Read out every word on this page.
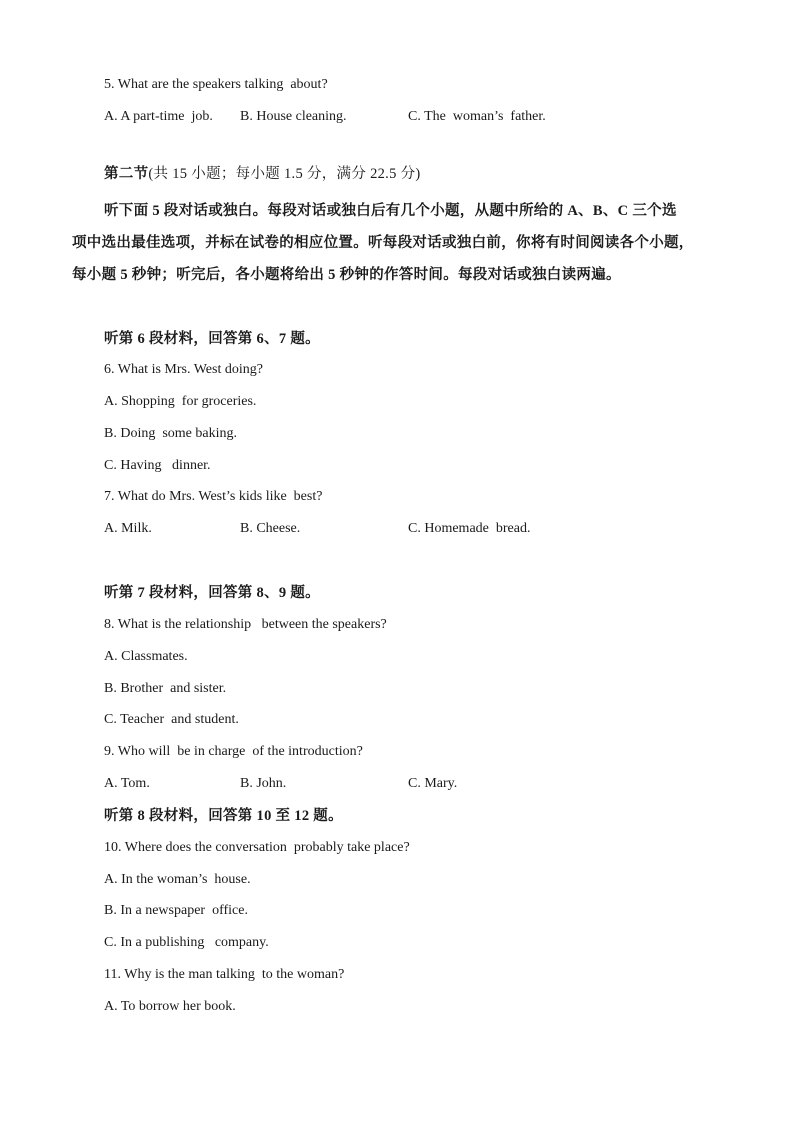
5. What are the speakers talking  about?
A. A part-time  job. B. House cleaning.	C. The  woman’s  father.
第二节(共 15 小题；每小题 1.5 分，满分 22.5 分)
听下面 5 段对话或独白。每段对话或独白后有几个小题，从题中所给的 A、B、C 三个选
项中选出最佳选项，并标在试卷的相应位置。听每段对话或独白前，你将有时间阅读各个小题，
每小题 5 秒钟；听完后，各小题将给出 5 秒钟的作答时间。每段对话或独白读两遍。
听第 6 段材料，回答第 6、7 题。
6. What is Mrs. West doing?
A. Shopping  for groceries.
B. Doing  some baking.
C. Having   dinner.
7. What do Mrs. West’s kids like  best?
A. Milk.	B. Cheese.	C. Homemade  bread.
听第 7 段材料，回答第 8、9 题。
8. What is the relationship   between the speakers?
A. Classmates.
B. Brother  and sister.
C. Teacher  and student.
9. Who will  be in charge  of the introduction?
A. Tom.	B. John.	C. Mary.
听第 8 段材料，回答第 10 至 12 题。
10. Where does the conversation  probably take place?
A. In the woman’s  house.
B. In a newspaper  office.
C. In a publishing   company.
11. Why is the man talking  to the woman?
A. To borrow her book.
